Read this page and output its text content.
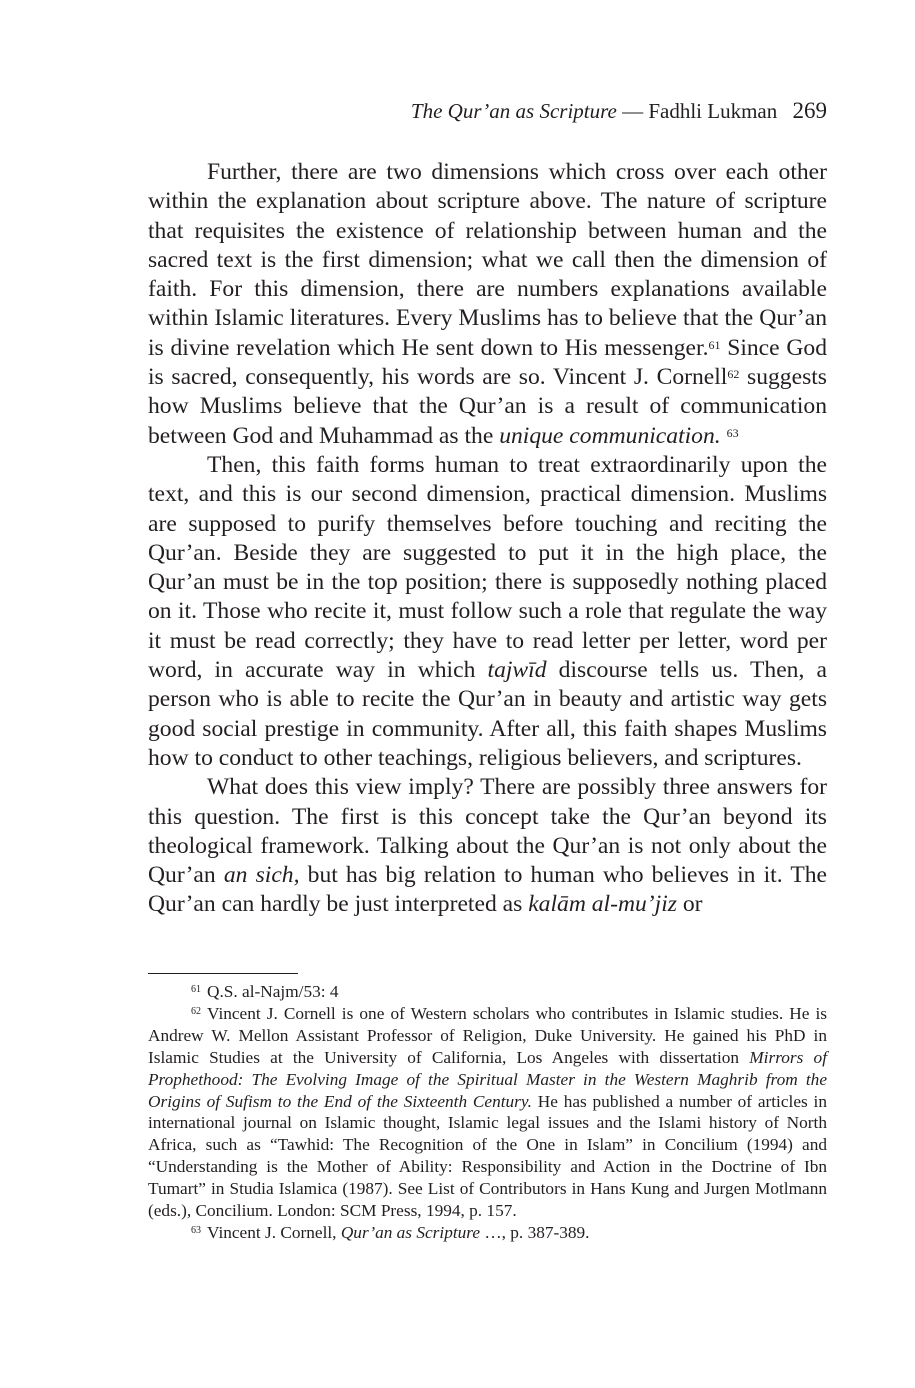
The Qur’an as Scripture — Fadhli Lukman 269

Further, there are two dimensions which cross over each other within the explanation about scripture above. The nature of scripture that requisites the existence of relationship between human and the sacred text is the first dimension; what we call then the dimension of faith. For this dimension, there are numbers explanations available within Islamic literatures. Every Muslims has to believe that the Qur’an is divine revelation which He sent down to His messenger.$^{61}$ Since God is sacred, consequently, his words are so. Vincent J. Cornell$^{62}$ suggests how Muslims believe that the Qur’an is a result of communication between God and Muhammad as the unique communication. $^{63}$

Then, this faith forms human to treat extraordinarily upon the text, and this is our second dimension, practical dimension. Muslims are supposed to purify themselves before touching and reciting the Qur’an. Beside they are suggested to put it in the high place, the Qur’an must be in the top position; there is supposedly nothing placed on it. Those who recite it, must follow such a role that regulate the way it must be read correctly; they have to read letter per letter, word per word, in accurate way in which tajwīd discourse tells us. Then, a person who is able to recite the Qur’an in beauty and artistic way gets good social prestige in community. After all, this faith shapes Muslims how to conduct to other teachings, religious believers, and scriptures.

What does this view imply? There are possibly three answers for this question. The first is this concept take the Qur’an beyond its theological framework. Talking about the Qur’an is not only about the Qur’an an sich, but has big relation to human who believes in it. The Qur’an can hardly be just interpreted as kalām al-mu’jiz or

$^{61}$ Q.S. al-Najm/53: 4

$^{62}$ Vincent J. Cornell is one of Western scholars who contributes in Islamic studies. He is Andrew W. Mellon Assistant Professor of Religion, Duke University. He gained his PhD in Islamic Studies at the University of California, Los Angeles with dissertation Mirrors of Prophethood: The Evolving Image of the Spiritual Master in the Western Maghrib from the Origins of Sufism to the End of the Sixteenth Century. He has published a number of articles in international journal on Islamic thought, Islamic legal issues and the Islami history of North Africa, such as “Tawhid: The Recognition of the One in Islam” in Concilium (1994) and “Understanding is the Mother of Ability: Responsibility and Action in the Doctrine of Ibn Tumart” in Studia Islamica (1987). See List of Contributors in Hans Kung and Jurgen Motlmann (eds.), Concilium. London: SCM Press, 1994, p. 157.

$^{63}$ Vincent J. Cornell, Qur’an as Scripture …, p. 387-389.
